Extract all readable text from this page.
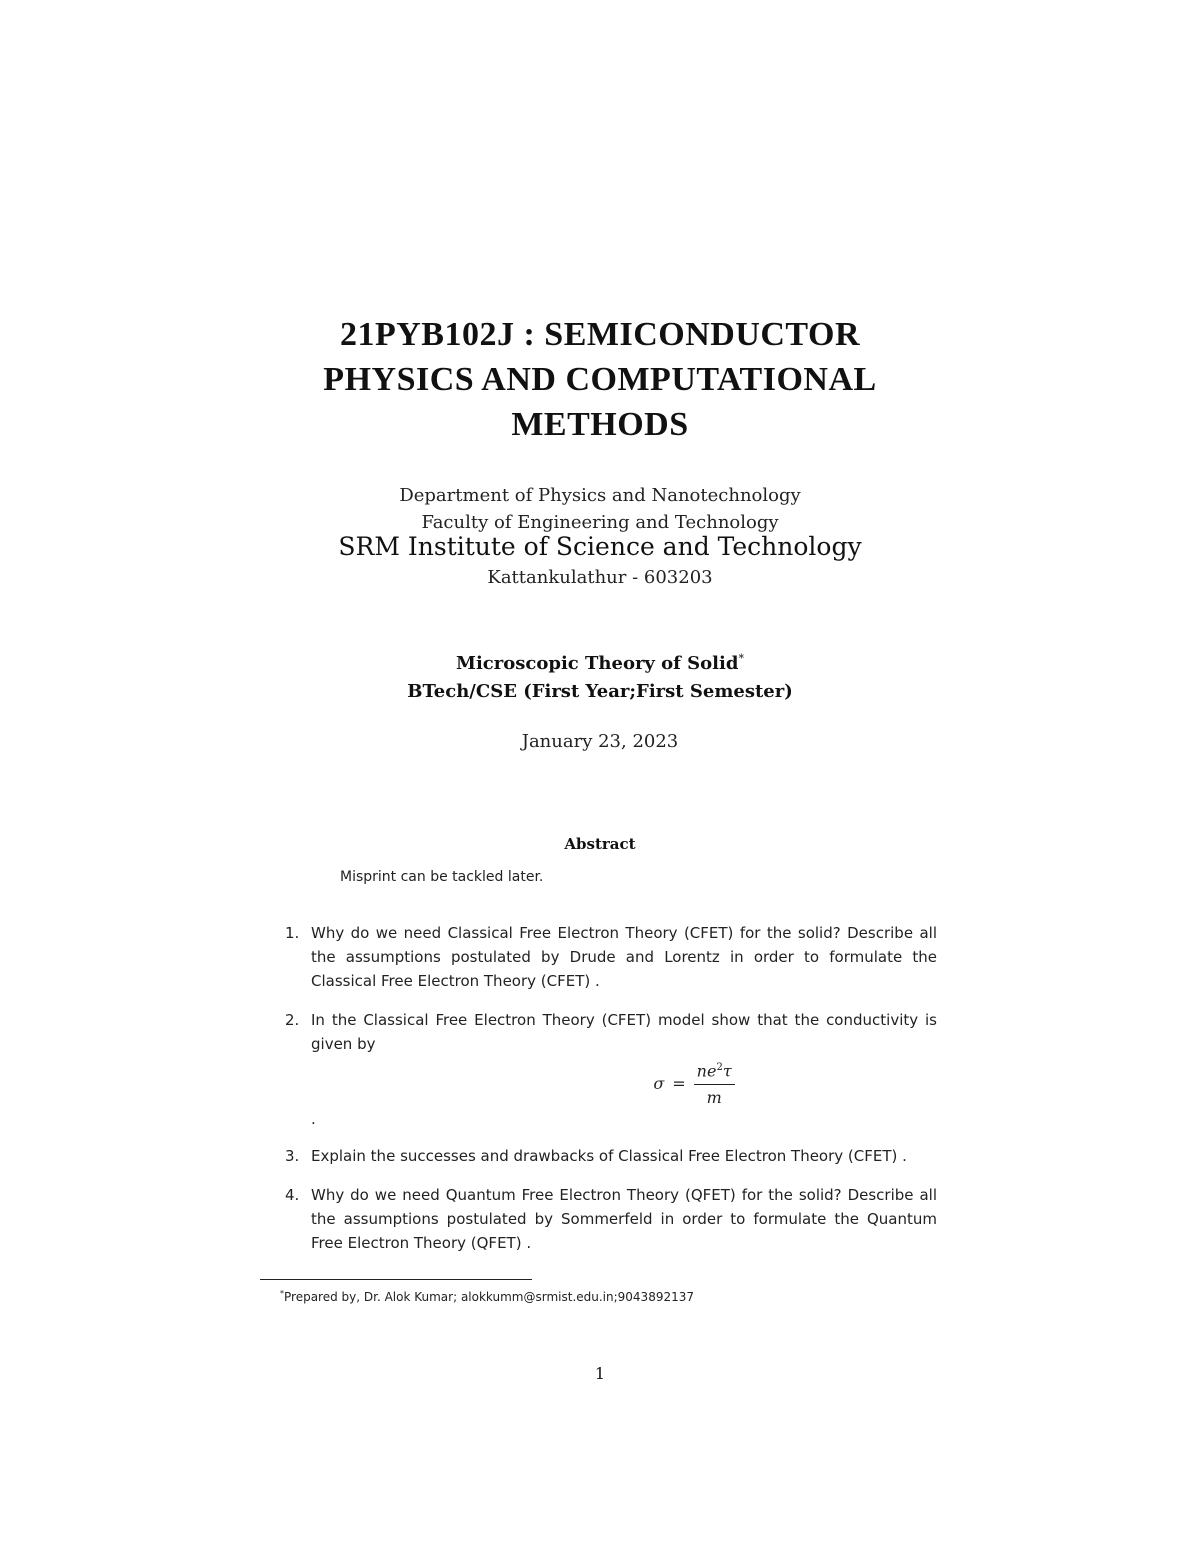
21PYB102J : SEMICONDUCTOR
PHYSICS AND COMPUTATIONAL
METHODS
Department of Physics and Nanotechnology
Faculty of Engineering and Technology
SRM Institute of Science and Technology
Kattankulathur - 603203
Microscopic Theory of Solid*
BTech/CSE (First Year;First Semester)
January 23, 2023
Abstract
Misprint can be tackled later.
1. Why do we need Classical Free Electron Theory (CFET) for the solid? Describe all the assumptions postulated by Drude and Lorentz in order to formulate the Classical Free Electron Theory (CFET) .
2. In the Classical Free Electron Theory (CFET) model show that the conductivity is given by
$\sigma = \frac{ne^2\tau}{m}$
.
3. Explain the successes and drawbacks of Classical Free Electron Theory (CFET) .
4. Why do we need Quantum Free Electron Theory (QFET) for the solid? Describe all the assumptions postulated by Sommerfeld in order to formulate the Quantum Free Electron Theory (QFET) .
*Prepared by, Dr. Alok Kumar; alokkumm@srmist.edu.in;9043892137
1
